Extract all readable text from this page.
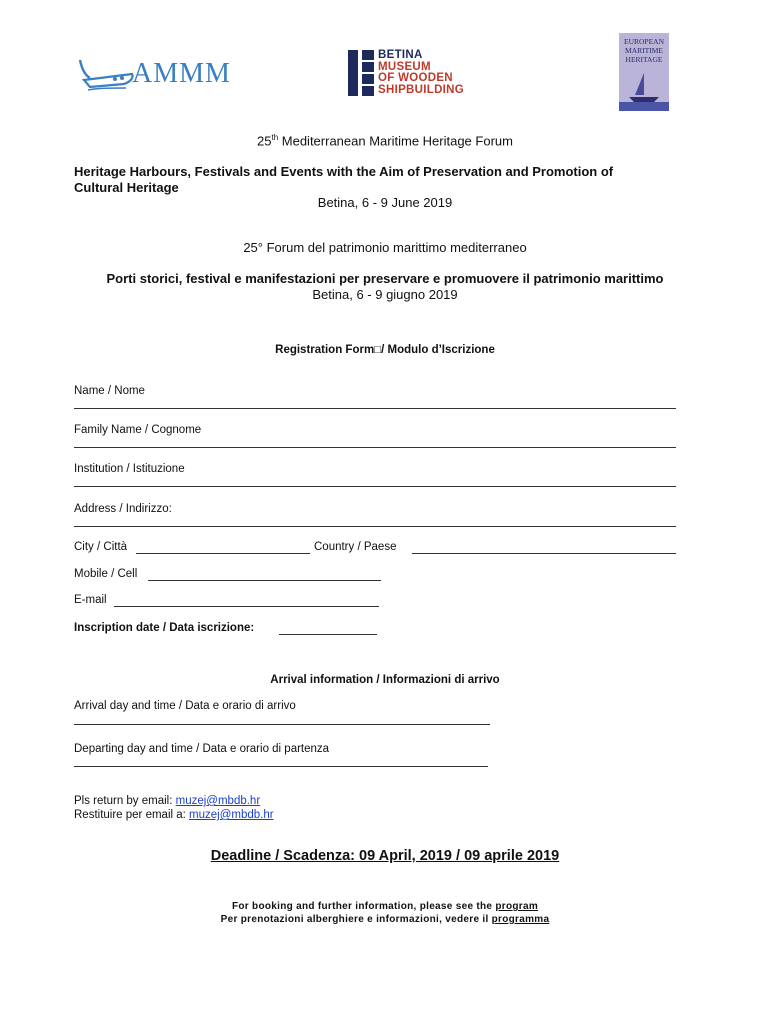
AMMM
BETINA
MUSEUM
OF WOODEN
SHIPBUILDING
EUROPEAN
MARITIME
HERITAGE
25th Mediterranean Maritime Heritage Forum
Heritage Harbours, Festivals and Events with the Aim of Preservation and Promotion of
Cultural Heritage
Betina, 6 - 9 June 2019
25° Forum del patrimonio marittimo mediterraneo
Porti storici, festival e manifestazioni per preservare e promuovere il patrimonio marittimo
Betina, 6 - 9 giugno 2019
Registration Form□/ Modulo d’Iscrizione
Name / Nome
Family Name / Cognome
Institution / Istituzione
Address / Indirizzo:
City / Città	Country / Paese
Mobile / Cell
E-mail
Inscription date / Data iscrizione:
Arrival information / Informazioni di arrivo
Arrival day and time / Data e orario di arrivo
Departing day and time / Data e orario di partenza
Pls return by email: muzej@mbdb.hr
Restituire per email a: muzej@mbdb.hr
Deadline / Scadenza: 09 April, 2019 / 09 aprile 2019
For booking and further information, please see the program
Per prenotazioni alberghiere e informazioni, vedere il programma
